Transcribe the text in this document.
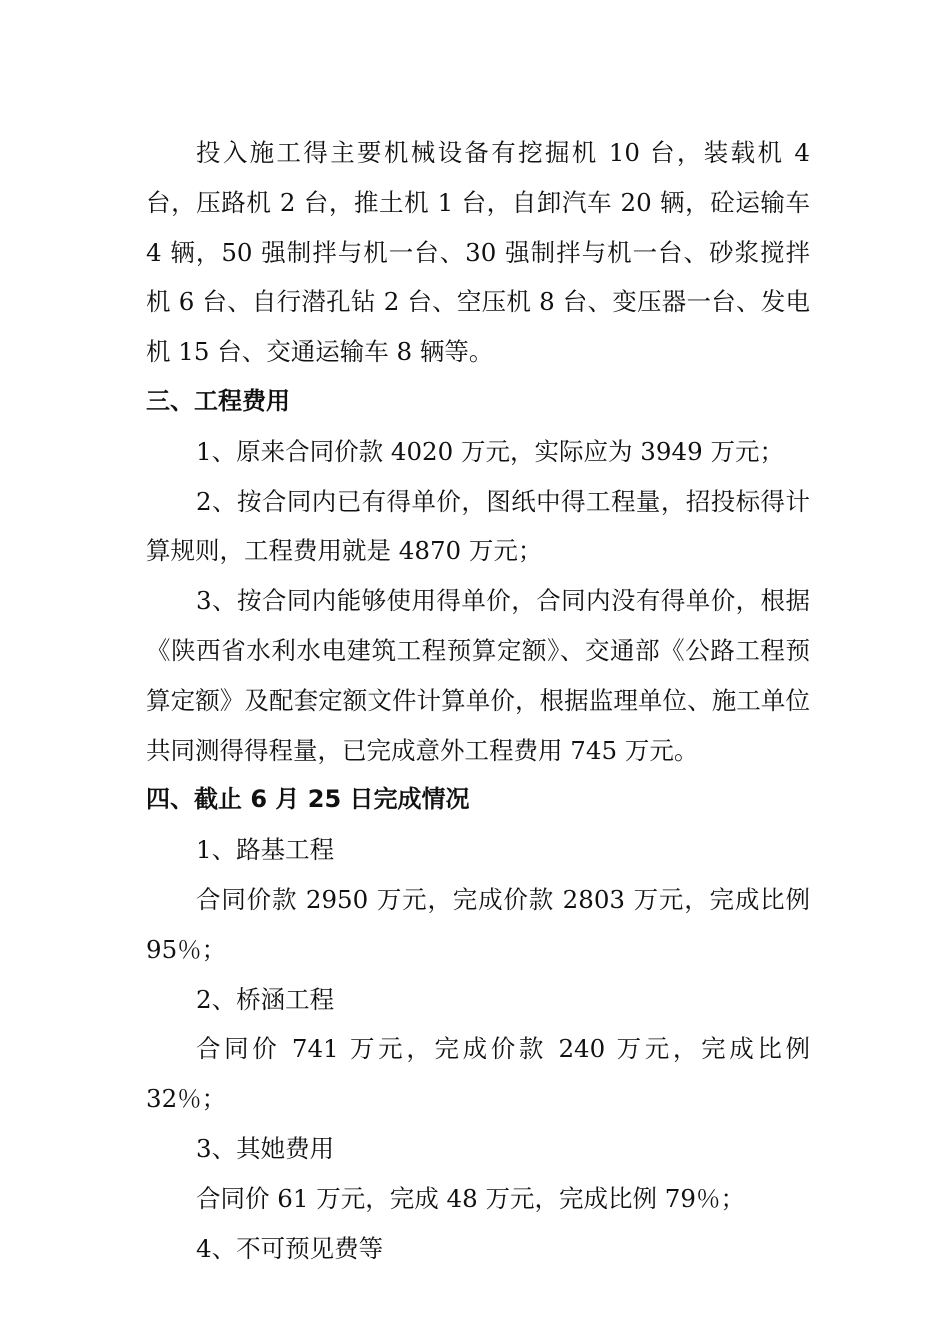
投入施工得主要机械设备有挖掘机 10 台，装载机 4 台，压路机 2 台，推土机 1 台，自卸汽车 20 辆，砼运输车 4 辆，50 强制拌与机一台、30 强制拌与机一台、砂浆搅拌机 6 台、自行潜孔钻 2 台、空压机 8 台、变压器一台、发电机 15 台、交通运输车 8 辆等。

三、工程费用

1、原来合同价款 4020 万元，实际应为 3949 万元；

2、按合同内已有得单价，图纸中得工程量，招投标得计算规则，工程费用就是 4870 万元；

3、按合同内能够使用得单价，合同内没有得单价，根据《陕西省水利水电建筑工程预算定额》、交通部《公路工程预算定额》及配套定额文件计算单价，根据监理单位、施工单位共同测得得程量，已完成意外工程费用 745 万元。

四、截止 6 月 25 日完成情况

1、路基工程

合同价款 2950 万元，完成价款 2803 万元，完成比例 95％；

2、桥涵工程

合同价 741 万元，完成价款 240 万元，完成比例 32％；

3、其她费用

合同价 61 万元，完成 48 万元，完成比例 79％；

4、不可预见费等
